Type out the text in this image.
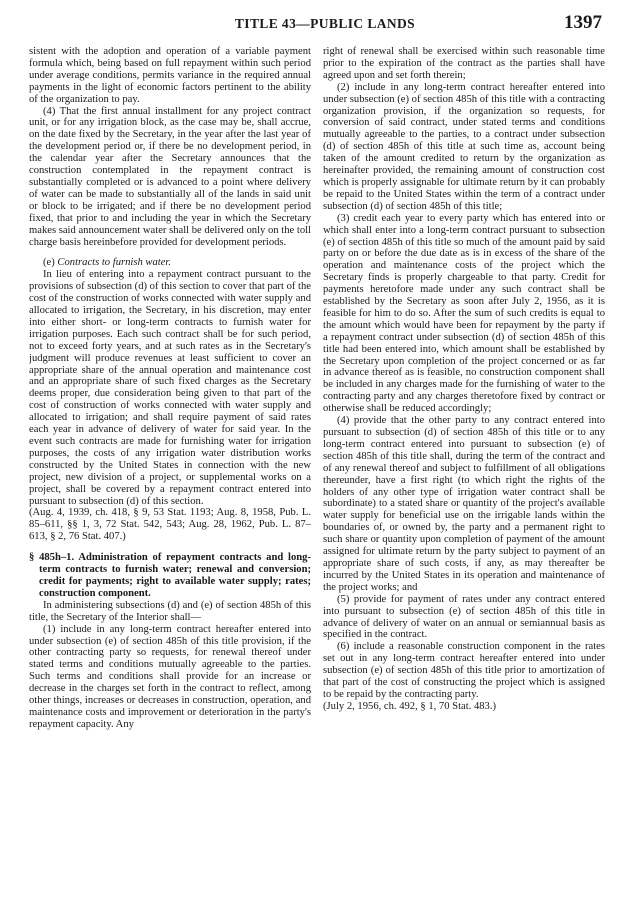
TITLE 43—PUBLIC LANDS	1397

sistent with the adoption and operation of a variable payment formula which, being based on full repayment within such period under average conditions, permits variance in the required annual payments in the light of economic factors pertinent to the ability of the organization to pay.

(4) That the first annual installment for any project contract unit, or for any irrigation block, as the case may be, shall accrue, on the date fixed by the Secretary, in the year after the last year of the development period or, if there be no development period, in the calendar year after the Secretary announces that the construction contemplated in the repayment contract is substantially completed or is advanced to a point where delivery of water can be made to substantially all of the lands in said unit or block to be irrigated; and if there be no development period fixed, that prior to and including the year in which the Secretary makes said announcement water shall be delivered only on the toll charge basis hereinbefore provided for development periods.

(e) Contracts to furnish water.

In lieu of entering into a repayment contract pursuant to the provisions of subsection (d) of this section to cover that part of the cost of the construction of works connected with water supply and allocated to irrigation, the Secretary, in his discretion, may enter into either short- or long-term contracts to furnish water for irrigation purposes. Each such contract shall be for such period, not to exceed forty years, and at such rates as in the Secretary's judgment will produce revenues at least sufficient to cover an appropriate share of the annual operation and maintenance cost and an appropriate share of such fixed charges as the Secretary deems proper, due consideration being given to that part of the cost of construction of works connected with water supply and allocated to irrigation; and shall require payment of said rates each year in advance of delivery of water for said year. In the event such contracts are made for furnishing water for irrigation purposes, the costs of any irrigation water distribution works constructed by the United States in connection with the new project, new division of a project, or supplemental works on a project, shall be covered by a repayment contract entered into pursuant to subsection (d) of this section.

(Aug. 4, 1939, ch. 418, § 9, 53 Stat. 1193; Aug. 8, 1958, Pub. L. 85–611, §§ 1, 3, 72 Stat. 542, 543; Aug. 28, 1962, Pub. L. 87–613, § 2, 76 Stat. 407.)

§ 485h–1. Administration of repayment contracts and long-term contracts to furnish water; renewal and conversion; credit for payments; right to available water supply; rates; construction component.

In administering subsections (d) and (e) of section 485h of this title, the Secretary of the Interior shall—

(1) include in any long-term contract hereafter entered into under subsection (e) of section 485h of this title provision, if the other contracting party so requests, for renewal thereof under stated terms and conditions mutually agreeable to the parties. Such terms and conditions shall provide for an increase or decrease in the charges set forth in the contract to reflect, among other things, increases or decreases in construction, operation, and maintenance costs and improvement or deterioration in the party's repayment capacity. Any

right of renewal shall be exercised within such reasonable time prior to the expiration of the contract as the parties shall have agreed upon and set forth therein;

(2) include in any long-term contract hereafter entered into under subsection (e) of section 485h of this title with a contracting organization provision, if the organization so requests, for conversion of said contract, under stated terms and conditions mutually agreeable to the parties, to a contract under subsection (d) of section 485h of this title at such time as, account being taken of the amount credited to return by the organization as hereinafter provided, the remaining amount of construction cost which is properly assignable for ultimate return by it can probably be repaid to the United States within the term of a contract under subsection (d) of section 485h of this title;

(3) credit each year to every party which has entered into or which shall enter into a long-term contract pursuant to subsection (e) of section 485h of this title so much of the amount paid by said party on or before the due date as is in excess of the share of the operation and maintenance costs of the project which the Secretary finds is properly chargeable to that party. Credit for payments heretofore made under any such contract shall be established by the Secretary as soon after July 2, 1956, as it is feasible for him to do so. After the sum of such credits is equal to the amount which would have been for repayment by the party if a repayment contract under subsection (d) of section 485h of this title had been entered into, which amount shall be established by the Secretary upon completion of the project concerned or as far in advance thereof as is feasible, no construction component shall be included in any charges made for the furnishing of water to the contracting party and any charges theretofore fixed by contract or otherwise shall be reduced accordingly;

(4) provide that the other party to any contract entered into pursuant to subsection (d) of section 485h of this title or to any long-term contract entered into pursuant to subsection (e) of section 485h of this title shall, during the term of the contract and of any renewal thereof and subject to fulfillment of all obligations thereunder, have a first right (to which right the rights of the holders of any other type of irrigation water contract shall be subordinate) to a stated share or quantity of the project's available water supply for beneficial use on the irrigable lands within the boundaries of, or owned by, the party and a permanent right to such share or quantity upon completion of payment of the amount assigned for ultimate return by the party subject to payment of an appropriate share of such costs, if any, as may thereafter be incurred by the United States in its operation and maintenance of the project works; and

(5) provide for payment of rates under any contract entered into pursuant to subsection (e) of section 485h of this title in advance of delivery of water on an annual or semiannual basis as specified in the contract.

(6) include a reasonable construction component in the rates set out in any long-term contract hereafter entered into under subsection (e) of section 485h of this title prior to amortization of that part of the cost of constructing the project which is assigned to be repaid by the contracting party.

(July 2, 1956, ch. 492, § 1, 70 Stat. 483.)
